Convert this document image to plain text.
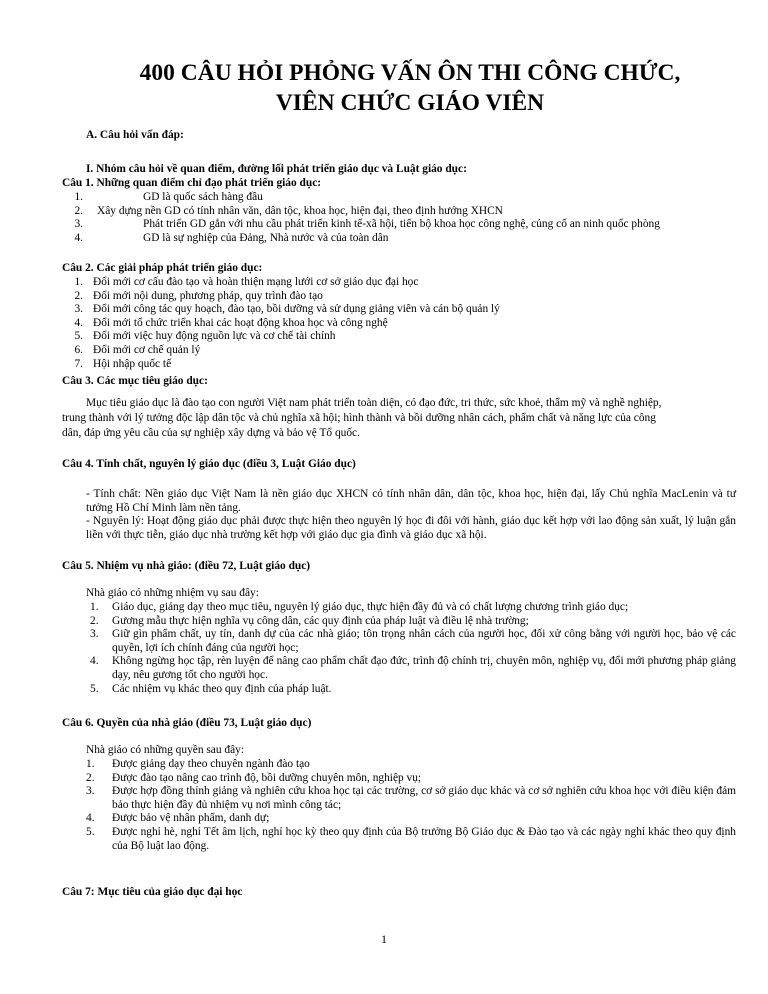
400 CÂU HỎI PHỎNG VẤN ÔN THI CÔNG CHỨC,
VIÊN CHỨC GIÁO VIÊN
A. Câu hỏi vấn đáp:
I. Nhóm câu hỏi về quan điểm, đường lối phát triển giáo dục và Luật giáo dục:
Câu 1. Những quan điểm chỉ đạo phát triển giáo dục:
1.	GD là quốc sách hàng đầu
2.	Xây dựng nền GD có tính nhân văn, dân tộc, khoa học, hiện đại, theo định hướng XHCN
3.	Phát triển GD gắn với nhu cầu phát triển kinh tế-xã hội, tiến bộ khoa học công nghệ, củng cố an ninh quốc phòng
4.	GD là sự nghiệp của Đảng, Nhà nước và của toàn dân
Câu 2. Các giải pháp phát triển giáo dục:
1. Đổi mới cơ cấu đào tạo và hoàn thiện mạng lưới cơ sở giáo dục đại học
2. Đổi mới nội dung, phương pháp, quy trình đào tạo
3. Đổi mới công tác quy hoạch, đào tạo, bồi dưỡng và sử dụng giảng viên và cán bộ quản lý
4. Đổi mới tổ chức triển khai các hoạt động khoa học và công nghệ
5. Đổi mới việc huy động nguồn lực và cơ chế tài chính
6. Đổi mới cơ chế quản lý
7. Hội nhập quốc tế
Câu 3. Các mục tiêu giáo dục:
Mục tiêu giáo dục là đào tạo con người Việt nam phát triển toàn diện, có đạo đức, tri thức, sức khoẻ, thẩm mỹ và nghề nghiệp,
trung thành với lý tưởng độc lập dân tộc và chủ nghĩa xã hội; hình thành và bồi dưỡng nhân cách, phẩm chất và năng lực của công
dân, đáp ứng yêu cầu của sự nghiệp xây dựng và bảo vệ Tổ quốc.
Câu 4. Tính chất, nguyên lý giáo dục (điều 3, Luật Giáo dục)
- Tính chất: Nền giáo dục Việt Nam là nền giáo dục XHCN có tính nhân dân, dân tộc, khoa học, hiện đại, lấy Chủ nghĩa MacLenin và tư tưởng Hồ Chí Minh làm nền tảng.
- Nguyên lý: Hoạt động giáo dục phải được thực hiện theo nguyên lý học đi đôi với hành, giáo dục kết hợp với lao động sản xuất, lý luận gắn liền với thực tiễn, giáo dục nhà trường kết hợp với giáo dục gia đình và giáo dục xã hội.
Câu 5. Nhiệm vụ nhà giáo: (điều 72, Luật giáo dục)
Nhà giáo có những nhiệm vụ sau đây:
1.	Giáo dục, giảng dạy theo mục tiêu, nguyên lý giáo dục, thực hiện đầy đủ và có chất lượng chương trình giáo dục;
2.	Gương mẫu thực hiện nghĩa vụ công dân, các quy định của pháp luật và điều lệ nhà trường;
3.	Giữ gìn phẩm chất, uy tín, danh dự của các nhà giáo; tôn trọng nhân cách của người học, đối xử công bằng với người học, bảo vệ các quyền, lợi ích chính đáng của người học;
4.	Không ngừng học tập, rèn luyện để nâng cao phẩm chất đạo đức, trình độ chính trị, chuyên môn, nghiệp vụ, đổi mới phương pháp giảng dạy, nêu gương tốt cho người học.
5.	Các nhiệm vụ khác theo quy định của pháp luật.
Câu 6. Quyền của nhà giáo (điều 73, Luật giáo dục)
Nhà giáo có những quyền sau đây:
1.	Được giảng dạy theo chuyên ngành đào tạo
2.	Được đào tạo nâng cao trình độ, bồi dưỡng chuyên môn, nghiệp vụ;
3.	Được hợp đồng thỉnh giảng và nghiên cứu khoa học tại các trường, cơ sở giáo dục khác và cơ sở nghiên cứu khoa học với điều kiện đảm bảo thực hiện đầy đủ nhiệm vụ nơi mình công tác;
4.	Được bảo vệ nhân phẩm, danh dự;
5.	Được nghỉ hè, nghỉ Tết âm lịch, nghỉ học kỳ theo quy định của Bộ trưởng Bộ Giáo dục & Đào tạo và các ngày nghỉ khác theo quy định của Bộ luật lao động.
Câu 7: Mục tiêu của giáo dục đại học
1
